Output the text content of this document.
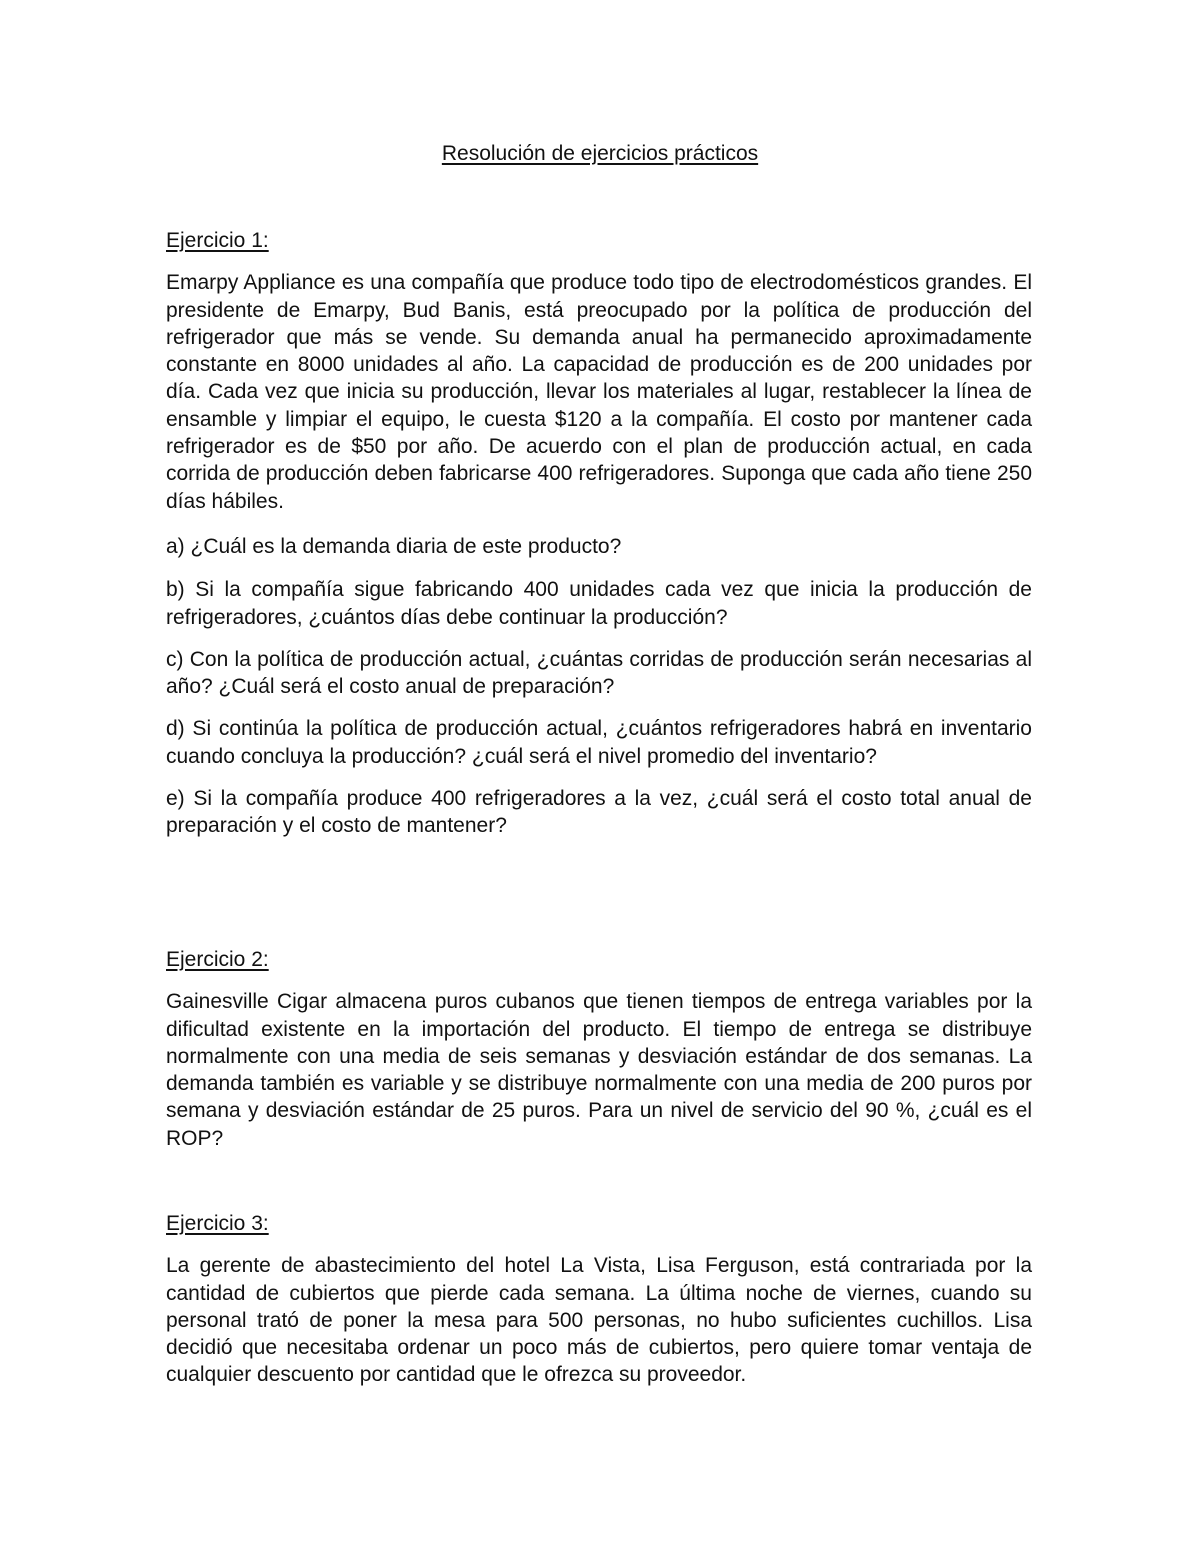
Resolución de ejercicios prácticos

Ejercicio 1:

Emarpy Appliance es una compañía que produce todo tipo de electrodomésticos grandes. El presidente de Emarpy, Bud Banis, está preocupado por la política de producción del refrigerador que más se vende. Su demanda anual ha permanecido aproximadamente constante en 8000 unidades al año. La capacidad de producción es de 200 unidades por día. Cada vez que inicia su producción, llevar los materiales al lugar, restablecer la línea de ensamble y limpiar el equipo, le cuesta $120 a la compañía. El costo por mantener cada refrigerador es de $50 por año. De acuerdo con el plan de producción actual, en cada corrida de producción deben fabricarse 400 refrigeradores. Suponga que cada año tiene 250 días hábiles.

a) ¿Cuál es la demanda diaria de este producto?

b) Si la compañía sigue fabricando 400 unidades cada vez que inicia la producción de refrigeradores, ¿cuántos días debe continuar la producción?

c) Con la política de producción actual, ¿cuántas corridas de producción serán necesarias al año? ¿Cuál será el costo anual de preparación?

d) Si continúa la política de producción actual, ¿cuántos refrigeradores habrá en inventario cuando concluya la producción? ¿cuál será el nivel promedio del inventario?

e) Si la compañía produce 400 refrigeradores a la vez, ¿cuál será el costo total anual de preparación y el costo de mantener?

Ejercicio 2:

Gainesville Cigar almacena puros cubanos que tienen tiempos de entrega variables por la dificultad existente en la importación del producto. El tiempo de entrega se distribuye normalmente con una media de seis semanas y desviación estándar de dos semanas. La demanda también es variable y se distribuye normalmente con una media de 200 puros por semana y desviación estándar de 25 puros. Para un nivel de servicio del 90 %, ¿cuál es el ROP?

Ejercicio 3:

La gerente de abastecimiento del hotel La Vista, Lisa Ferguson, está contrariada por la cantidad de cubiertos que pierde cada semana. La última noche de viernes, cuando su personal trató de poner la mesa para 500 personas, no hubo suficientes cuchillos. Lisa decidió que necesitaba ordenar un poco más de cubiertos, pero quiere tomar ventaja de cualquier descuento por cantidad que le ofrezca su proveedor.
